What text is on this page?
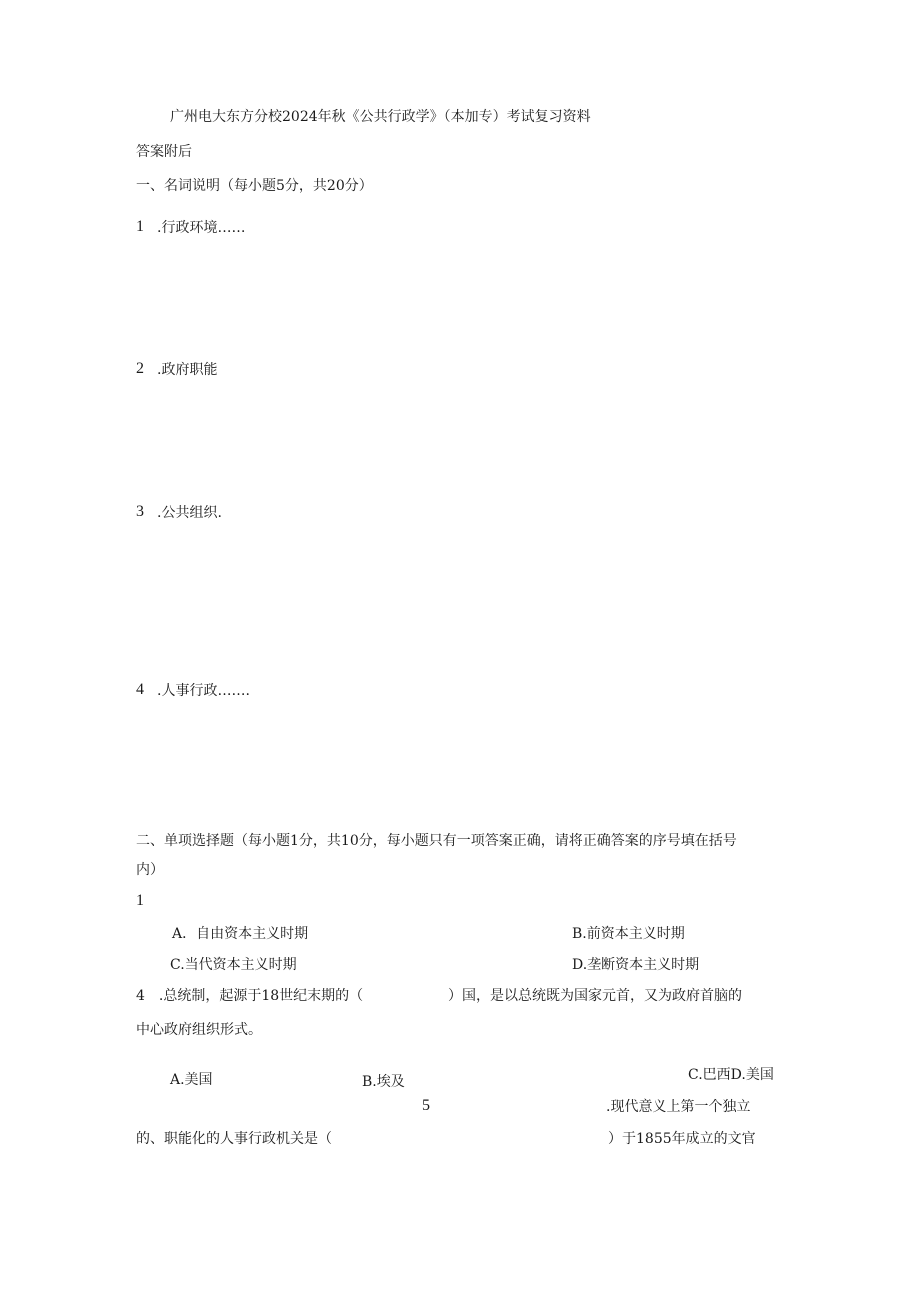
广州电大东方分校2024年秋《公共行政学》（本加专）考试复习资料
答案附后
一、名词说明（每小题5分，共20分）
1 .行政环境……
2 .政府职能
3 .公共组织.
4 .人事行政…….
二、单项选择题（每小题1分，共10分，每小题只有一项答案正确，请将正确答案的序号填在括号
内）
1
A．自由资本主义时期	B.前资本主义时期
C.当代资本主义时期	D.垄断资本主义时期
4　.总统制，起源于18世纪末期的（	）国，是以总统既为国家元首，又为政府首脑的
中心政府组织形式。
A.美国	B.埃及	C.巴西D.美国
5	.现代意义上第一个独立
的、职能化的人事行政机关是（	）于1855年成立的文官
